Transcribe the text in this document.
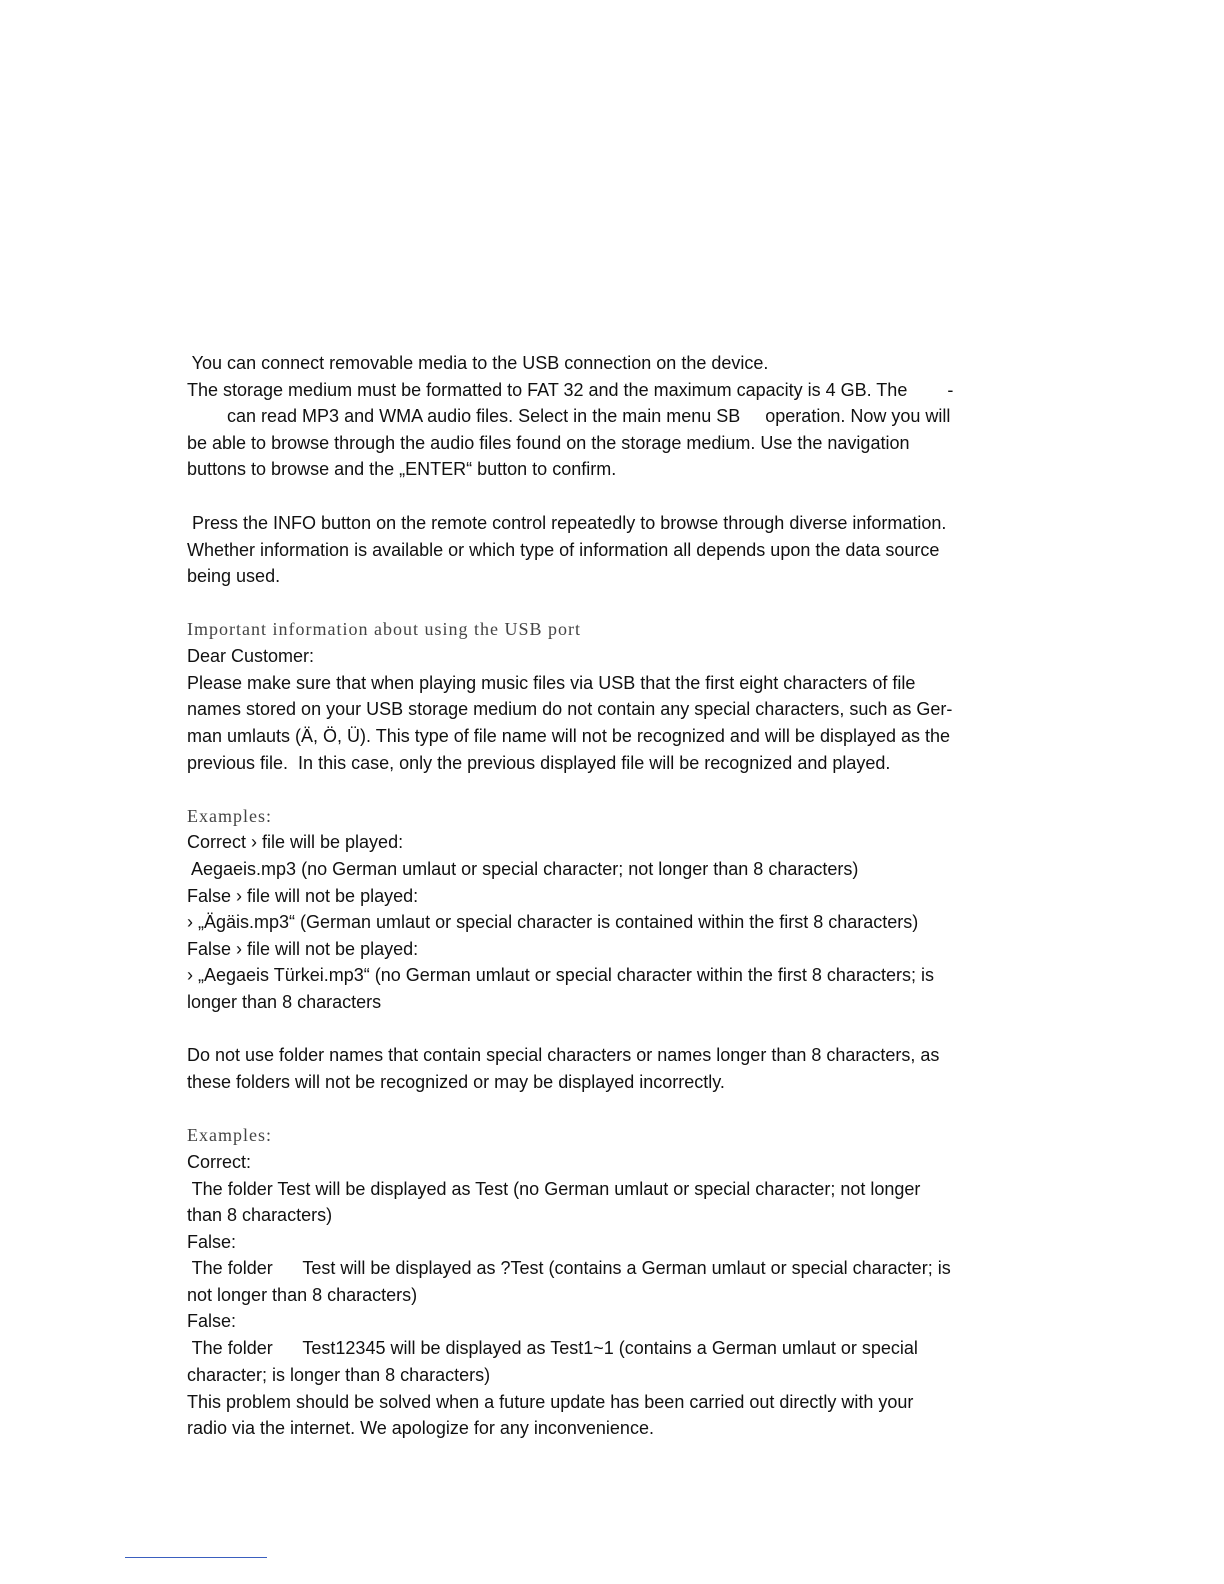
You can connect removable media to the USB connection on the device.
The storage medium must be formatted to FAT 32 and the maximum capacity is 4 GB. The        -
can read MP3 and WMA audio files. Select in the main menu SB     operation. Now you will
be able to browse through the audio files found on the storage medium. Use the navigation
buttons to browse and the „ENTER“ button to confirm.
Press the INFO button on the remote control repeatedly to browse through diverse information.
Whether information is available or which type of information all depends upon the data source
being used.
Important information about using the USB port
Dear Customer:
Please make sure that when playing music files via USB that the first eight characters of file
names stored on your USB storage medium do not contain any special characters, such as Ger-
man umlauts (Ä, Ö, Ü). This type of file name will not be recognized and will be displayed as the
previous file.  In this case, only the previous displayed file will be recognized and played.
Examples:
Correct › file will be played:
Aegaeis.mp3 (no German umlaut or special character; not longer than 8 characters)
False › file will not be played:
› „Ägäis.mp3“ (German umlaut or special character is contained within the first 8 characters)
False › file will not be played:
› „Aegaeis Türkei.mp3“ (no German umlaut or special character within the first 8 characters; is
longer than 8 characters
Do not use folder names that contain special characters or names longer than 8 characters, as
these folders will not be recognized or may be displayed incorrectly.
Examples:
Correct:
The folder Test will be displayed as Test (no German umlaut or special character; not longer
than 8 characters)
False:
The folder      Test will be displayed as ?Test (contains a German umlaut or special character; is
not longer than 8 characters)
False:
The folder      Test12345 will be displayed as Test1~1 (contains a German umlaut or special
character; is longer than 8 characters)
This problem should be solved when a future update has been carried out directly with your
radio via the internet. We apologize for any inconvenience.
